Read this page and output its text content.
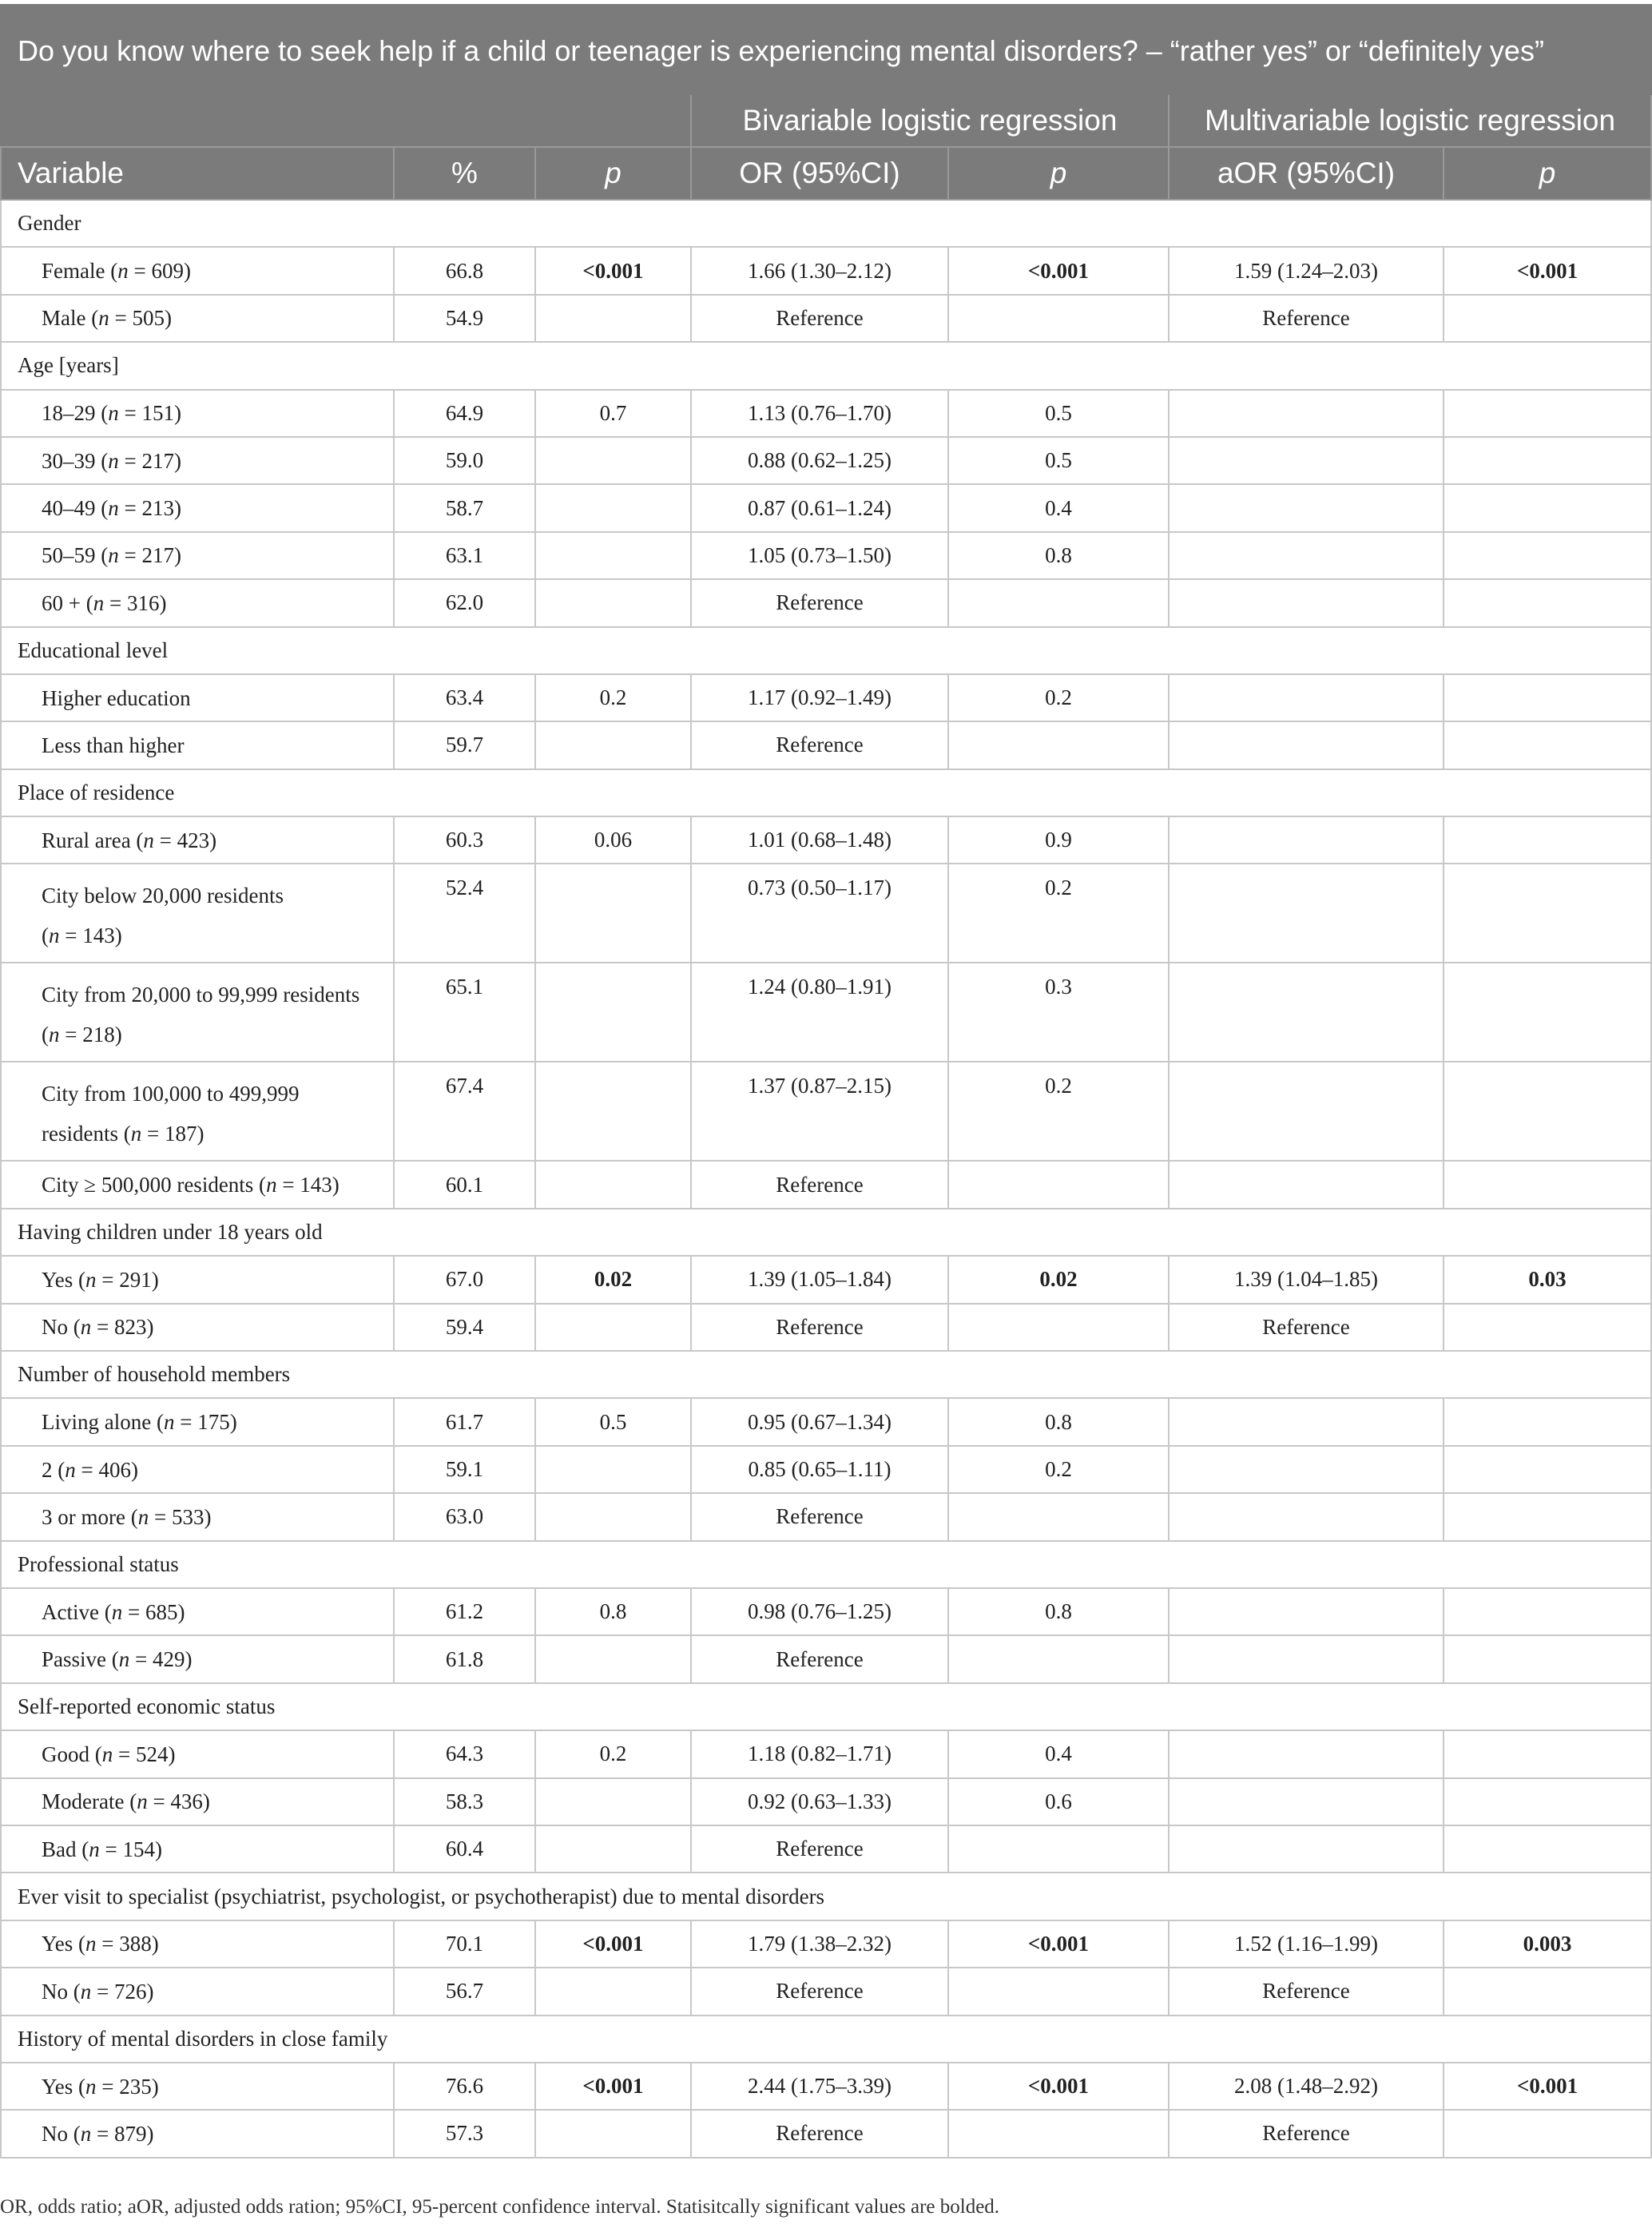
Do you know where to seek help if a child or teenager is experiencing mental disorders? – “rather yes” or “definitely yes”						
			Bivariable logistic regression		Multivariable logistic regression	
Variable	%	p	OR (95%CI)	p	aOR (95%CI)	p
Gender						
Female (n = 609)	66.8	<0.001	1.66 (1.30–2.12)	<0.001	1.59 (1.24–2.03)	<0.001
Male (n = 505)	54.9		Reference		Reference	
Age [years]						
18–29 (n = 151)	64.9	0.7	1.13 (0.76–1.70)	0.5		
30–39 (n = 217)	59.0		0.88 (0.62–1.25)	0.5		
40–49 (n = 213)	58.7		0.87 (0.61–1.24)	0.4		
50–59 (n = 217)	63.1		1.05 (0.73–1.50)	0.8		
60 + (n = 316)	62.0		Reference			
Educational level						
Higher education	63.4	0.2	1.17 (0.92–1.49)	0.2		
Less than higher	59.7		Reference			
Place of residence						
Rural area (n = 423)	60.3	0.06	1.01 (0.68–1.48)	0.9		
City below 20,000 residents
(n = 143)	52.4		0.73 (0.50–1.17)	0.2		
City from 20,000 to 99,999 residents
(n = 218)	65.1		1.24 (0.80–1.91)	0.3		
City from 100,000 to 499,999
residents (n = 187)	67.4		1.37 (0.87–2.15)	0.2		
City ≥ 500,000 residents (n = 143)	60.1		Reference			
Having children under 18 years old						
Yes (n = 291)	67.0	0.02	1.39 (1.05–1.84)	0.02	1.39 (1.04–1.85)	0.03
No (n = 823)	59.4		Reference		Reference	
Number of household members						
Living alone (n = 175)	61.7	0.5	0.95 (0.67–1.34)	0.8		
2 (n = 406)	59.1		0.85 (0.65–1.11)	0.2		
3 or more (n = 533)	63.0		Reference			
Professional status						
Active (n = 685)	61.2	0.8	0.98 (0.76–1.25)	0.8		
Passive (n = 429)	61.8		Reference			
Self-reported economic status						
Good (n = 524)	64.3	0.2	1.18 (0.82–1.71)	0.4		
Moderate (n = 436)	58.3		0.92 (0.63–1.33)	0.6		
Bad (n = 154)	60.4		Reference			
Ever visit to specialist (psychiatrist, psychologist, or psychotherapist) due to mental disorders						
Yes (n = 388)	70.1	<0.001	1.79 (1.38–2.32)	<0.001	1.52 (1.16–1.99)	0.003
No (n = 726)	56.7		Reference		Reference	
History of mental disorders in close family						
Yes (n = 235)	76.6	<0.001	2.44 (1.75–3.39)	<0.001	2.08 (1.48–2.92)	<0.001
No (n = 879)	57.3		Reference		Reference	
OR, odds ratio; aOR, adjusted odds ration; 95%CI, 95-percent confidence interval. Statisitcally significant values are bolded.
